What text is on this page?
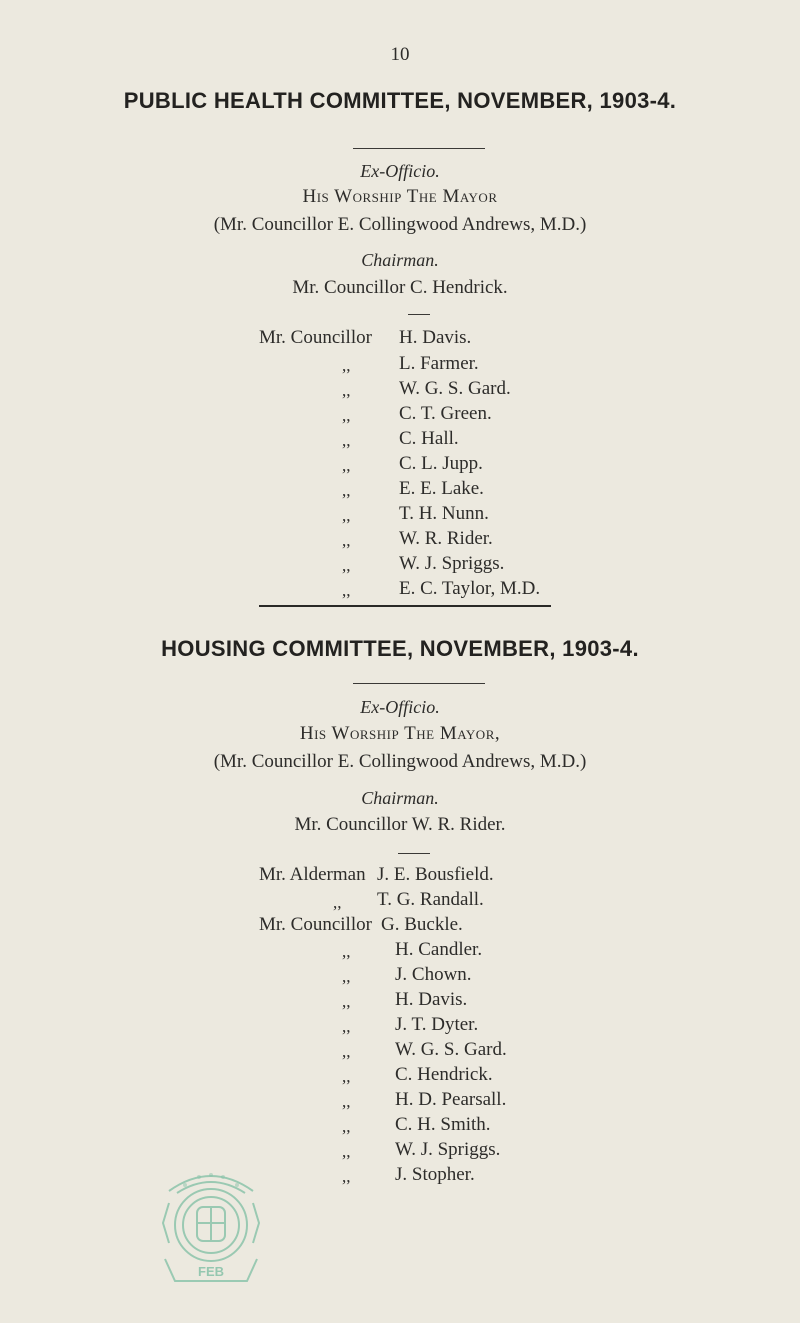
10
PUBLIC HEALTH COMMITTEE, NOVEMBER, 1903-4.
Ex-Officio.
His Worship The Mayor
(Mr. Councillor E. Collingwood Andrews, M.D.)
Chairman.
Mr. Councillor C. Hendrick.
Mr. Councillor H. Davis.
,,	L. Farmer.
,,	W. G. S. Gard.
,,	C. T. Green.
,,	C. Hall.
,,	C. L. Jupp.
,,	E. E. Lake.
,,	T. H. Nunn.
,,	W. R. Rider.
,,	W. J. Spriggs.
,,	E. C. Taylor, M.D.
HOUSING COMMITTEE, NOVEMBER, 1903-4.
Ex-Officio.
His Worship The Mayor,
(Mr. Councillor E. Collingwood Andrews, M.D.)
Chairman.
Mr. Councillor W. R. Rider.
Mr. Alderman J. E. Bousfield.
,, T. G. Randall.
Mr. Councillor G. Buckle.
,, H. Candler.
,, J. Chown.
,, H. Davis.
,, J. T. Dyter.
,, W. G. S. Gard.
,, C. Hendrick.
,, H. D. Pearsall.
,, C. H. Smith.
,, W. J. Spriggs.
,, J. Stopher.
FEB
